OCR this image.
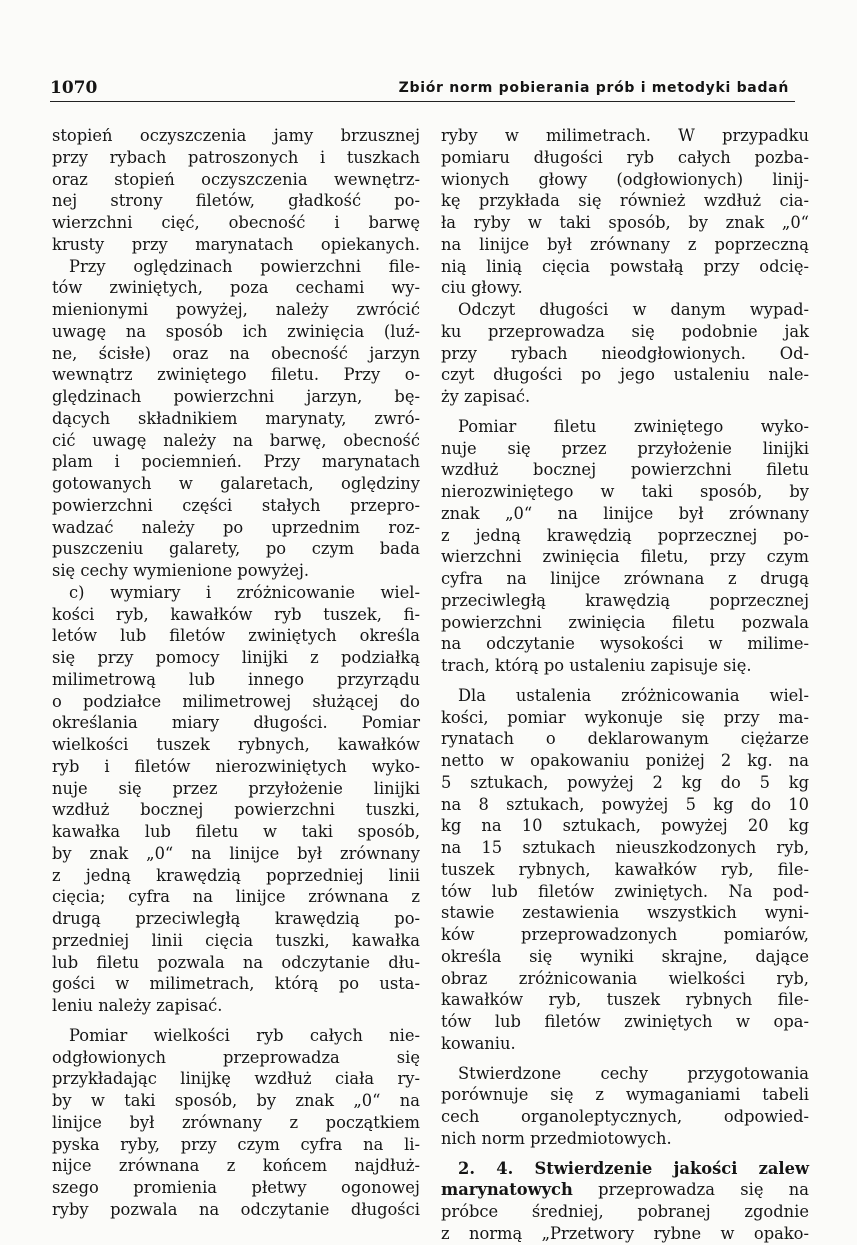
1070	Zbiór norm pobierania prób i metodyki badań
stopień oczyszczenia jamy brzusznej
przy rybach patroszonych i tuszkach
oraz stopień oczyszczenia wewnętrz-
nej strony filetów, gładkość po-
wierzchni cięć, obecność i barwę
krusty przy marynatach opiekanych.
Przy oględzinach powierzchni file-
tów zwiniętych, poza cechami wy-
mienionymi powyżej, należy zwrócić
uwagę na sposób ich zwinięcia (luź-
ne, ścisłe) oraz na obecność jarzyn
wewnątrz zwiniętego filetu. Przy o-
ględzinach powierzchni jarzyn, bę-
dących składnikiem marynaty, zwró-
cić uwagę należy na barwę, obecność
plam i pociemnień. Przy marynatach
gotowanych w galaretach, oględziny
powierzchni części stałych przepro-
wadzać należy po uprzednim roz-
puszczeniu galarety, po czym bada
się cechy wymienione powyżej.
c) wymiary i zróżnicowanie wiel-
kości ryb, kawałków ryb tuszek, fi-
letów lub filetów zwiniętych określa
się przy pomocy linijki z podziałką
milimetrową lub innego przyrządu
o podziałce milimetrowej służącej do
określania miary długości. Pomiar
wielkości tuszek rybnych, kawałków
ryb i filetów nierozwiniętych wyko-
nuje się przez przyłożenie linijki
wzdłuż bocznej powierzchni tuszki,
kawałka lub filetu w taki sposób,
by znak „0“ na linijce był zrównany
z jedną krawędzią poprzedniej linii
cięcia; cyfra na linijce zrównana z
drugą przeciwległą krawędzią po-
przedniej linii cięcia tuszki, kawałka
lub filetu pozwala na odczytanie dłu-
gości w milimetrach, którą po usta-
leniu należy zapisać.
Pomiar wielkości ryb całych nie-
odgłowionych przeprowadza się
przykładając linijkę wzdłuż ciała ry-
by w taki sposób, by znak „0“ na
linijce był zrównany z początkiem
pyska ryby, przy czym cyfra na li-
nijce zrównana z końcem najdłuż-
szego promienia płetwy ogonowej
ryby pozwala na odczytanie długości
ryby w milimetrach. W przypadku
pomiaru długości ryb całych pozba-
wionych głowy (odgłowionych) linij-
kę przykłada się również wzdłuż cia-
ła ryby w taki sposób, by znak „0“
na linijce był zrównany z poprzeczną
nią linią cięcia powstałą przy odcię-
ciu głowy.
Odczyt długości w danym wypad-
ku przeprowadza się podobnie jak
przy rybach nieodgłowionych. Od-
czyt długości po jego ustaleniu nale-
ży zapisać.
Pomiar filetu zwiniętego wyko-
nuje się przez przyłożenie linijki
wzdłuż bocznej powierzchni filetu
nierozwiniętego w taki sposób, by
znak „0“ na linijce był zrównany
z jedną krawędzią poprzecznej po-
wierzchni zwinięcia filetu, przy czym
cyfra na linijce zrównana z drugą
przeciwległą krawędzią poprzecznej
powierzchni zwinięcia filetu pozwala
na odczytanie wysokości w milime-
trach, którą po ustaleniu zapisuje się.
Dla ustalenia zróżnicowania wiel-
kości, pomiar wykonuje się przy ma-
rynatach o deklarowanym ciężarze
netto w opakowaniu poniżej 2 kg. na
5 sztukach, powyżej 2 kg do 5 kg
na 8 sztukach, powyżej 5 kg do 10
kg na 10 sztukach, powyżej 20 kg
na 15 sztukach nieuszkodzonych ryb,
tuszek rybnych, kawałków ryb, file-
tów lub filetów zwiniętych. Na pod-
stawie zestawienia wszystkich wyni-
ków przeprowadzonych pomiarów,
określa się wyniki skrajne, dające
obraz zróżnicowania wielkości ryb,
kawałków ryb, tuszek rybnych file-
tów lub filetów zwiniętych w opa-
kowaniu.
Stwierdzone cechy przygotowania
porównuje się z wymaganiami tabeli
cech organoleptycznych, odpowied-
nich norm przedmiotowych.
2. 4. Stwierdzenie jakości zalew
marynatowych przeprowadza się na
próbce średniej, pobranej zgodnie
z normą „Przetwory rybne w opako-
